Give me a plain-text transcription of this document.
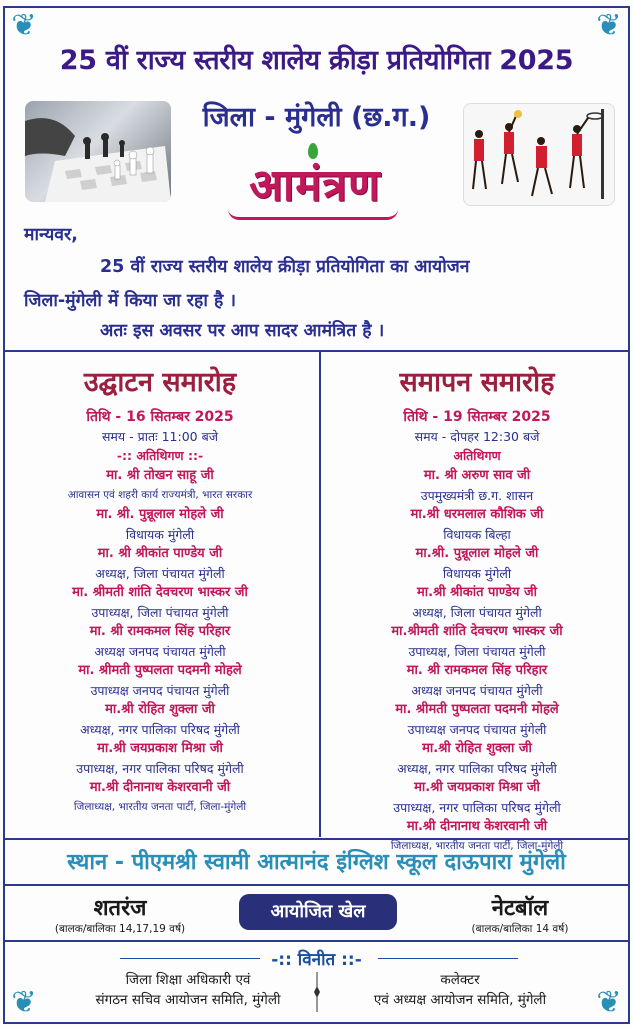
❦	❦
❦	❦
25 वीं राज्य स्तरीय शालेय क्रीड़ा प्रतियोगिता 2025
जिला - मुंगेली (छ.ग.)
आमंत्रण
मान्यवर,
25 वीं राज्य स्तरीय शालेय क्रीड़ा प्रतियोगिता का आयोजन
जिला-मुंगेली में किया जा रहा है ।
अतः इस अवसर पर आप सादर आमंत्रित है ।
उद्घाटन समारोह
तिथि - 16 सितम्बर 2025
समय - प्रातः 11:00 बजे
-:: अतिथिगण ::-
मा. श्री तोखन साहू जी
आवासन एवं शहरी कार्य राज्यमंत्री, भारत सरकार
मा. श्री. पुन्नूलाल मोहले जी
विधायक मुंगेली
मा. श्री श्रीकांत पाण्डेय जी
अध्यक्ष, जिला पंचायत मुंगेली
मा. श्रीमती शांति देवचरण भास्कर जी
उपाध्यक्ष, जिला पंचायत मुंगेली
मा. श्री रामकमल सिंह परिहार
अध्यक्ष जनपद पंचायत मुंगेली
मा. श्रीमती पुष्पलता पदमनी मोहले
उपाध्यक्ष जनपद पंचायत मुंगेली
मा.श्री रोहित शुक्ला जी
अध्यक्ष, नगर पालिका परिषद मुंगेली
मा.श्री जयप्रकाश मिश्रा जी
उपाध्यक्ष, नगर पालिका परिषद मुंगेली
मा.श्री दीनानाथ केशरवानी जी
जिलाध्यक्ष, भारतीय जनता पार्टी, जिला-मुंगेली
समापन समारोह
तिथि - 19 सितम्बर 2025
समय - दोपहर 12:30 बजे
अतिथिगण
मा. श्री अरुण साव जी
उपमुख्यमंत्री छ.ग. शासन
मा.श्री धरमलाल कौशिक जी
विधायक बिल्हा
मा.श्री. पुन्नूलाल मोहले जी
विधायक मुंगेली
मा.श्री श्रीकांत पाण्डेय जी
अध्यक्ष, जिला पंचायत मुंगेली
मा.श्रीमती शांति देवचरण भास्कर जी
उपाध्यक्ष, जिला पंचायत मुंगेली
मा. श्री रामकमल सिंह परिहार
अध्यक्ष जनपद पंचायत मुंगेली
मा. श्रीमती पुष्पलता पदमनी मोहले
उपाध्यक्ष जनपद पंचायत मुंगेली
मा.श्री रोहित शुक्ला जी
अध्यक्ष, नगर पालिका परिषद मुंगेली
मा.श्री जयप्रकाश मिश्रा जी
उपाध्यक्ष, नगर पालिका परिषद मुंगेली
मा.श्री दीनानाथ केशरवानी जी
जिलाध्यक्ष, भारतीय जनता पार्टी, जिला-मुंगेली
स्थान - पीएमश्री स्वामी आत्मानंद इंग्लिश स्कूल दाऊपारा मुंगेली
शतरंज
(बालक/बालिका 14,17,19 वर्ष)
आयोजित खेल	नेटबॉल
(बालक/बालिका 14 वर्ष)
-:: विनीत ::-
जिला शिक्षा अधिकारी एवं
संगठन सचिव आयोजन समिति, मुंगेली
कलेक्टर
एवं अध्यक्ष आयोजन समिति, मुंगेली
